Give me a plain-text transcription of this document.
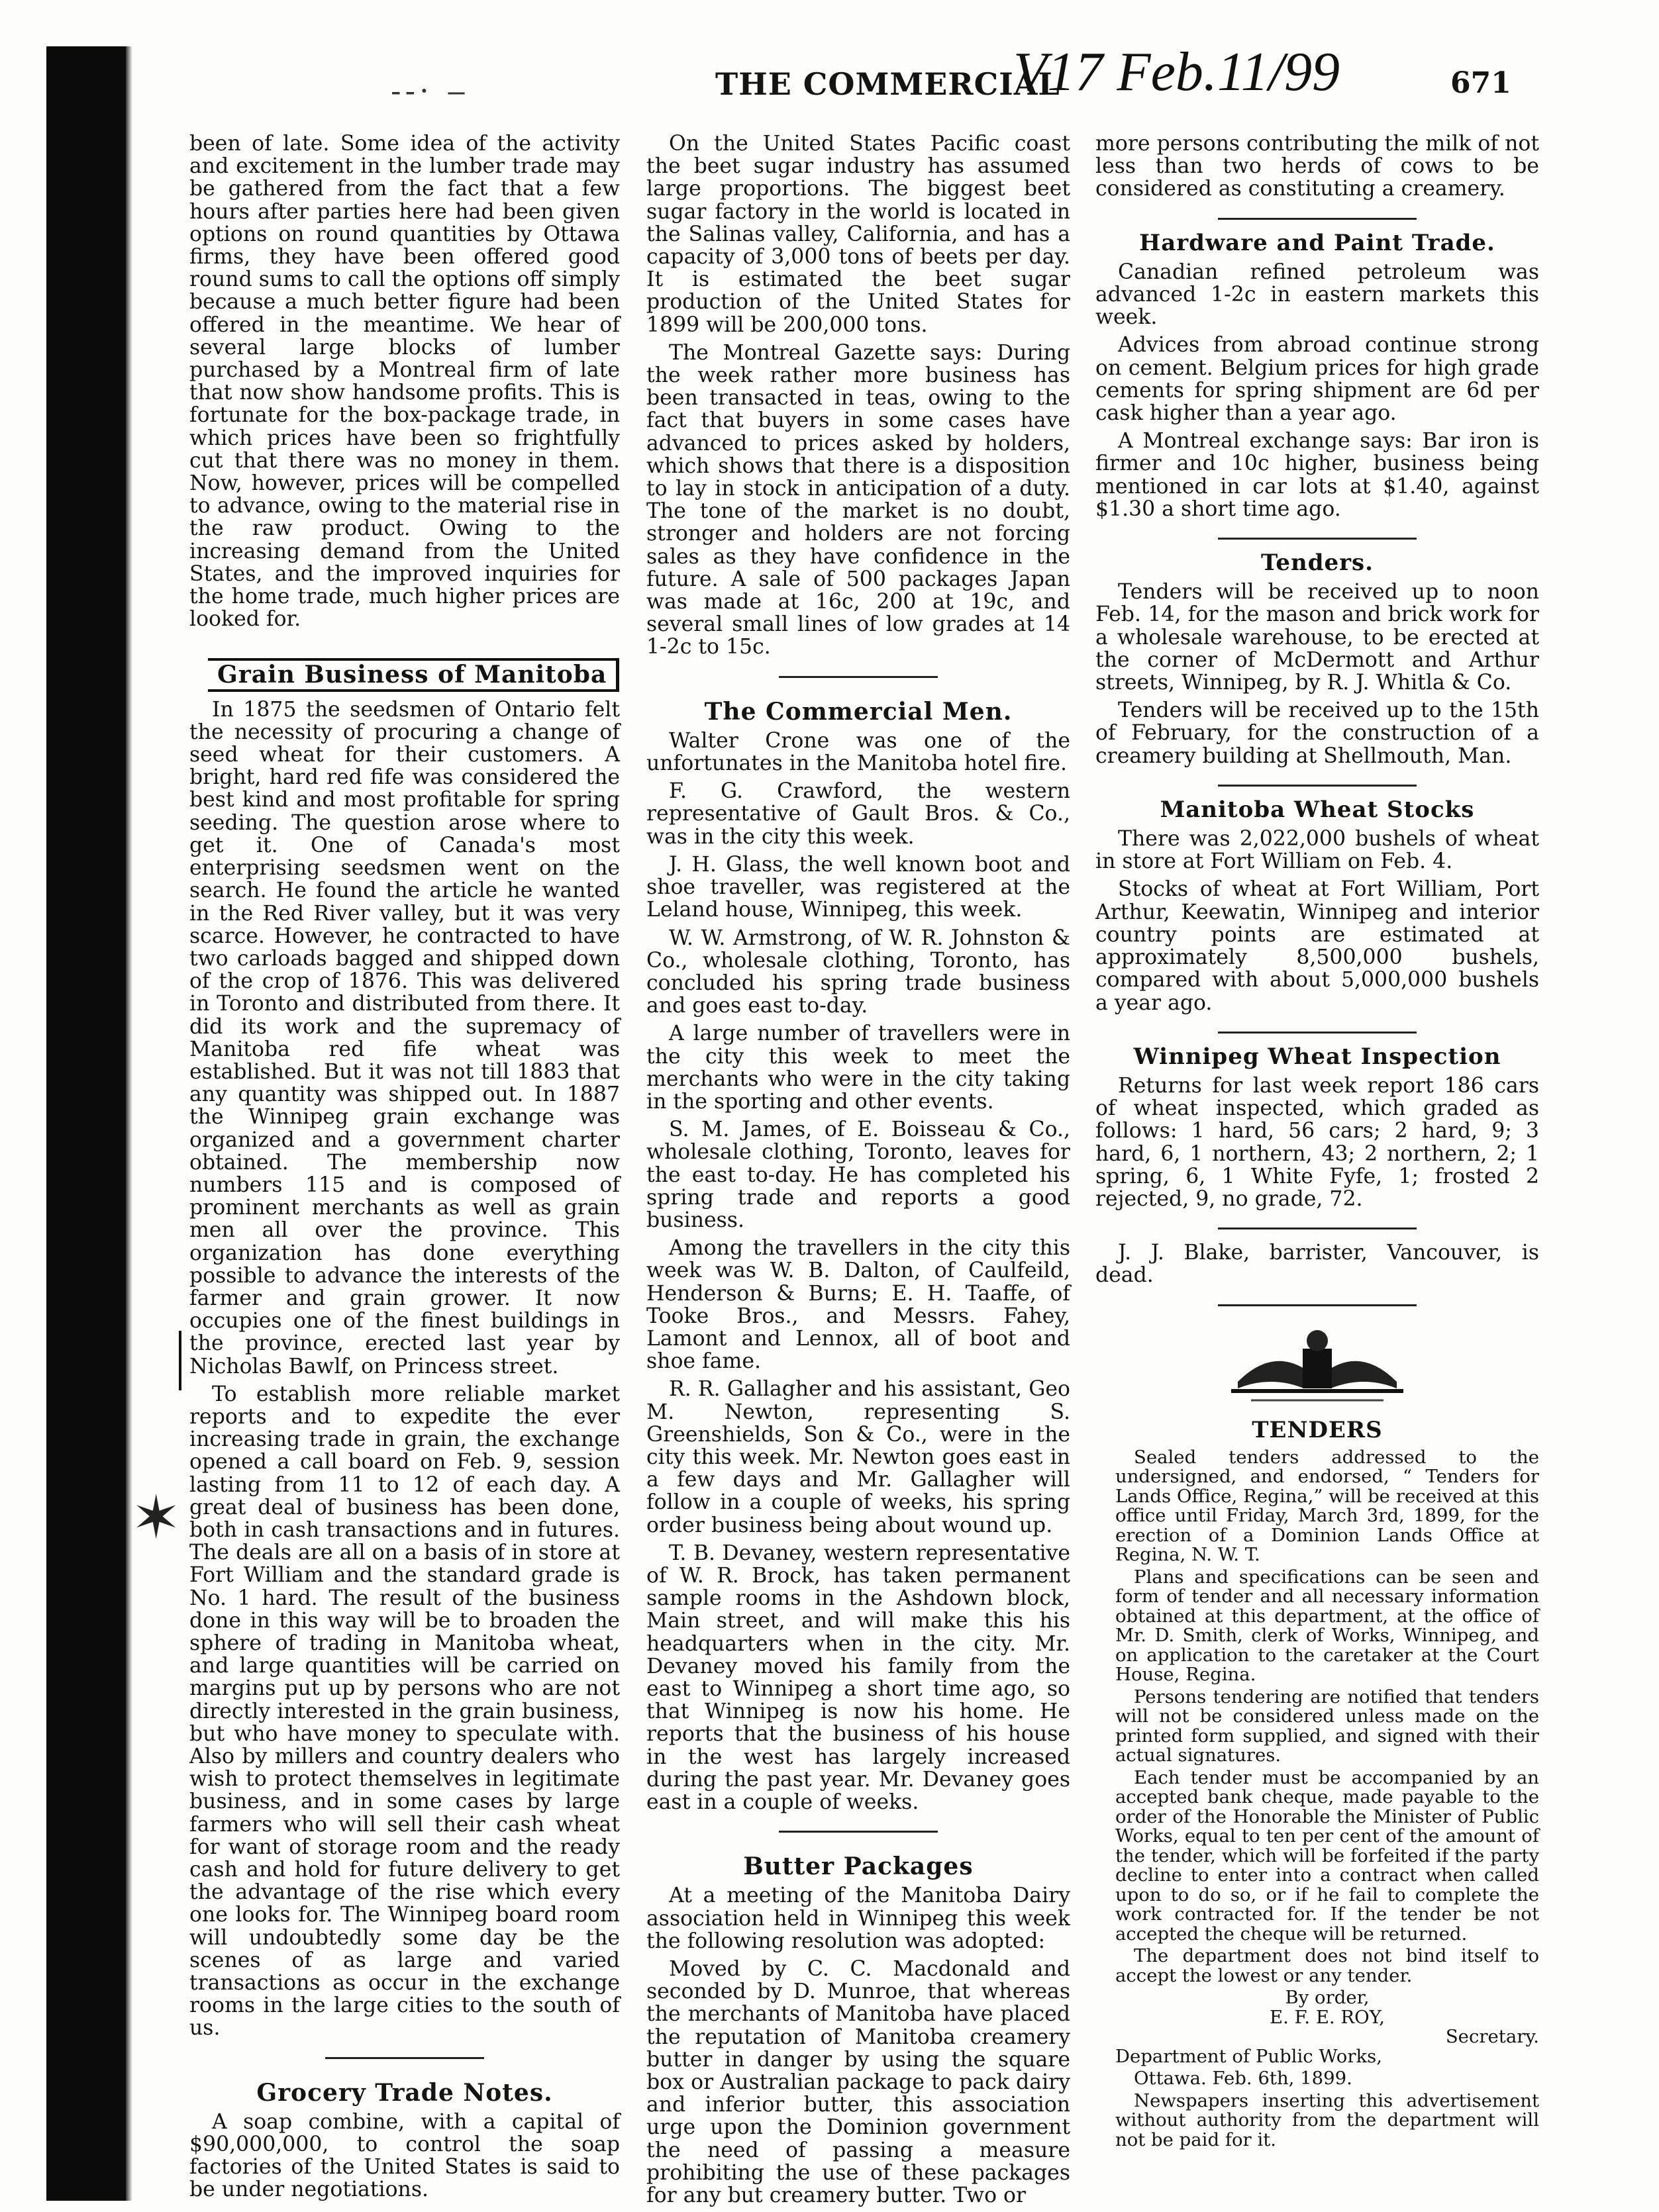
‐‐· ‒	THE COMMERCIAL
V17 Feb.11/99	671
✶

been of late. Some idea of the activity and excitement in the lumber trade may be gathered from the fact that a few hours after parties here had been given options on round quantities by Ottawa firms, they have been offered good round sums to call the options off simply because a much better figure had been offered in the meantime. We hear of several large blocks of lumber purchased by a Montreal firm of late that now show handsome profits. This is fortunate for the box-package trade, in which prices have been so frightfully cut that there was no money in them. Now, however, prices will be compelled to advance, owing to the material rise in the raw product. Owing to the increasing demand from the United States, and the improved inquiries for the home trade, much higher prices are looked for.

Grain Business of Manitoba

In 1875 the seedsmen of Ontario felt the necessity of procuring a change of seed wheat for their customers. A bright, hard red fife was considered the best kind and most profitable for spring seeding. The question arose where to get it. One of Canada's most enterprising seedsmen went on the search. He found the article he wanted in the Red River valley, but it was very scarce. However, he contracted to have two carloads bagged and shipped down of the crop of 1876. This was delivered in Toronto and distributed from there. It did its work and the supremacy of Manitoba red fife wheat was established. But it was not till 1883 that any quantity was shipped out. In 1887 the Winnipeg grain exchange was organized and a government charter obtained. The membership now numbers 115 and is composed of prominent merchants as well as grain men all over the province. This organization has done everything possible to advance the interests of the farmer and grain grower. It now occupies one of the finest buildings in the province, erected last year by Nicholas Bawlf, on Princess street.

To establish more reliable market reports and to expedite the ever increasing trade in grain, the exchange opened a call board on Feb. 9, session lasting from 11 to 12 of each day. A great deal of business has been done, both in cash transactions and in futures. The deals are all on a basis of in store at Fort William and the standard grade is No. 1 hard. The result of the business done in this way will be to broaden the sphere of trading in Manitoba wheat, and large quantities will be carried on margins put up by persons who are not directly interested in the grain business, but who have money to speculate with. Also by millers and country dealers who wish to protect themselves in legitimate business, and in some cases by large farmers who will sell their cash wheat for want of storage room and the ready cash and hold for future delivery to get the advantage of the rise which every one looks for. The Winnipeg board room will undoubtedly some day be the scenes of as large and varied transactions as occur in the exchange rooms in the large cities to the south of us.

Grocery Trade Notes.

A soap combine, with a capital of $90,000,000, to control the soap factories of the United States is said to be under negotiations.

On the United States Pacific coast the beet sugar industry has assumed large proportions. The biggest beet sugar factory in the world is located in the Salinas valley, California, and has a capacity of 3,000 tons of beets per day. It is estimated the beet sugar production of the United States for 1899 will be 200,000 tons.

The Montreal Gazette says: During the week rather more business has been transacted in teas, owing to the fact that buyers in some cases have advanced to prices asked by holders, which shows that there is a disposition to lay in stock in anticipation of a duty. The tone of the market is no doubt, stronger and holders are not forcing sales as they have confidence in the future. A sale of 500 packages Japan was made at 16c, 200 at 19c, and several small lines of low grades at 14 1-2c to 15c.

The Commercial Men.

Walter Crone was one of the unfortunates in the Manitoba hotel fire.

F. G. Crawford, the western representative of Gault Bros. & Co., was in the city this week.

J. H. Glass, the well known boot and shoe traveller, was registered at the Leland house, Winnipeg, this week.

W. W. Armstrong, of W. R. Johnston & Co., wholesale clothing, Toronto, has concluded his spring trade business and goes east to-day.

A large number of travellers were in the city this week to meet the merchants who were in the city taking in the sporting and other events.

S. M. James, of E. Boisseau & Co., wholesale clothing, Toronto, leaves for the east to-day. He has completed his spring trade and reports a good business.

Among the travellers in the city this week was W. B. Dalton, of Caulfeild, Henderson & Burns; E. H. Taaffe, of Tooke Bros., and Messrs. Fahey, Lamont and Lennox, all of boot and shoe fame.

R. R. Gallagher and his assistant, Geo M. Newton, representing S. Greenshields, Son & Co., were in the city this week. Mr. Newton goes east in a few days and Mr. Gallagher will follow in a couple of weeks, his spring order business being about wound up.

T. B. Devaney, western representative of W. R. Brock, has taken permanent sample rooms in the Ashdown block, Main street, and will make this his headquarters when in the city. Mr. Devaney moved his family from the east to Winnipeg a short time ago, so that Winnipeg is now his home. He reports that the business of his house in the west has largely increased during the past year. Mr. Devaney goes east in a couple of weeks.

Butter Packages

At a meeting of the Manitoba Dairy association held in Winnipeg this week the following resolution was adopted:

Moved by C. C. Macdonald and seconded by D. Munroe, that whereas the merchants of Manitoba have placed the reputation of Manitoba creamery butter in danger by using the square box or Australian package to pack dairy and inferior butter, this association urge upon the Dominion government the need of passing a measure prohibiting the use of these packages for any but creamery butter. Two or

more persons contributing the milk of not less than two herds of cows to be considered as constituting a creamery.

Hardware and Paint Trade.

Canadian refined petroleum was advanced 1-2c in eastern markets this week.

Advices from abroad continue strong on cement. Belgium prices for high grade cements for spring shipment are 6d per cask higher than a year ago.

A Montreal exchange says: Bar iron is firmer and 10c higher, business being mentioned in car lots at $1.40, against $1.30 a short time ago.

Tenders.

Tenders will be received up to noon Feb. 14, for the mason and brick work for a wholesale warehouse, to be erected at the corner of McDermott and Arthur streets, Winnipeg, by R. J. Whitla & Co.

Tenders will be received up to the 15th of February, for the construction of a creamery building at Shellmouth, Man.

Manitoba Wheat Stocks

There was 2,022,000 bushels of wheat in store at Fort William on Feb. 4.

Stocks of wheat at Fort William, Port Arthur, Keewatin, Winnipeg and interior country points are estimated at approximately 8,500,000 bushels, compared with about 5,000,000 bushels a year ago.

Winnipeg Wheat Inspection

Returns for last week report 186 cars of wheat inspected, which graded as follows: 1 hard, 56 cars; 2 hard, 9; 3 hard, 6, 1 northern, 43; 2 northern, 2; 1 spring, 6, 1 White Fyfe, 1; frosted 2 rejected, 9, no grade, 72.

J. J. Blake, barrister, Vancouver, is dead.

TENDERS

Sealed tenders addressed to the undersigned, and endorsed, “ Tenders for Lands Office, Regina,” will be received at this office until Friday, March 3rd, 1899, for the erection of a Dominion Lands Office at Regina, N. W. T.

Plans and specifications can be seen and form of tender and all necessary information obtained at this department, at the office of Mr. D. Smith, clerk of Works, Winnipeg, and on application to the caretaker at the Court House, Regina.

Persons tendering are notified that tenders will not be considered unless made on the printed form supplied, and signed with their actual signatures.

Each tender must be accompanied by an accepted bank cheque, made payable to the order of the Honorable the Minister of Public Works, equal to ten per cent of the amount of the tender, which will be forfeited if the party decline to enter into a contract when called upon to do so, or if he fail to complete the work contracted for. If the tender be not accepted the cheque will be returned.

The department does not bind itself to accept the lowest or any tender.

By order,

E. F. E. ROY,

Secretary.

Department of Public Works,

Ottawa. Feb. 6th, 1899.

Newspapers inserting this advertisement without authority from the department will not be paid for it.
